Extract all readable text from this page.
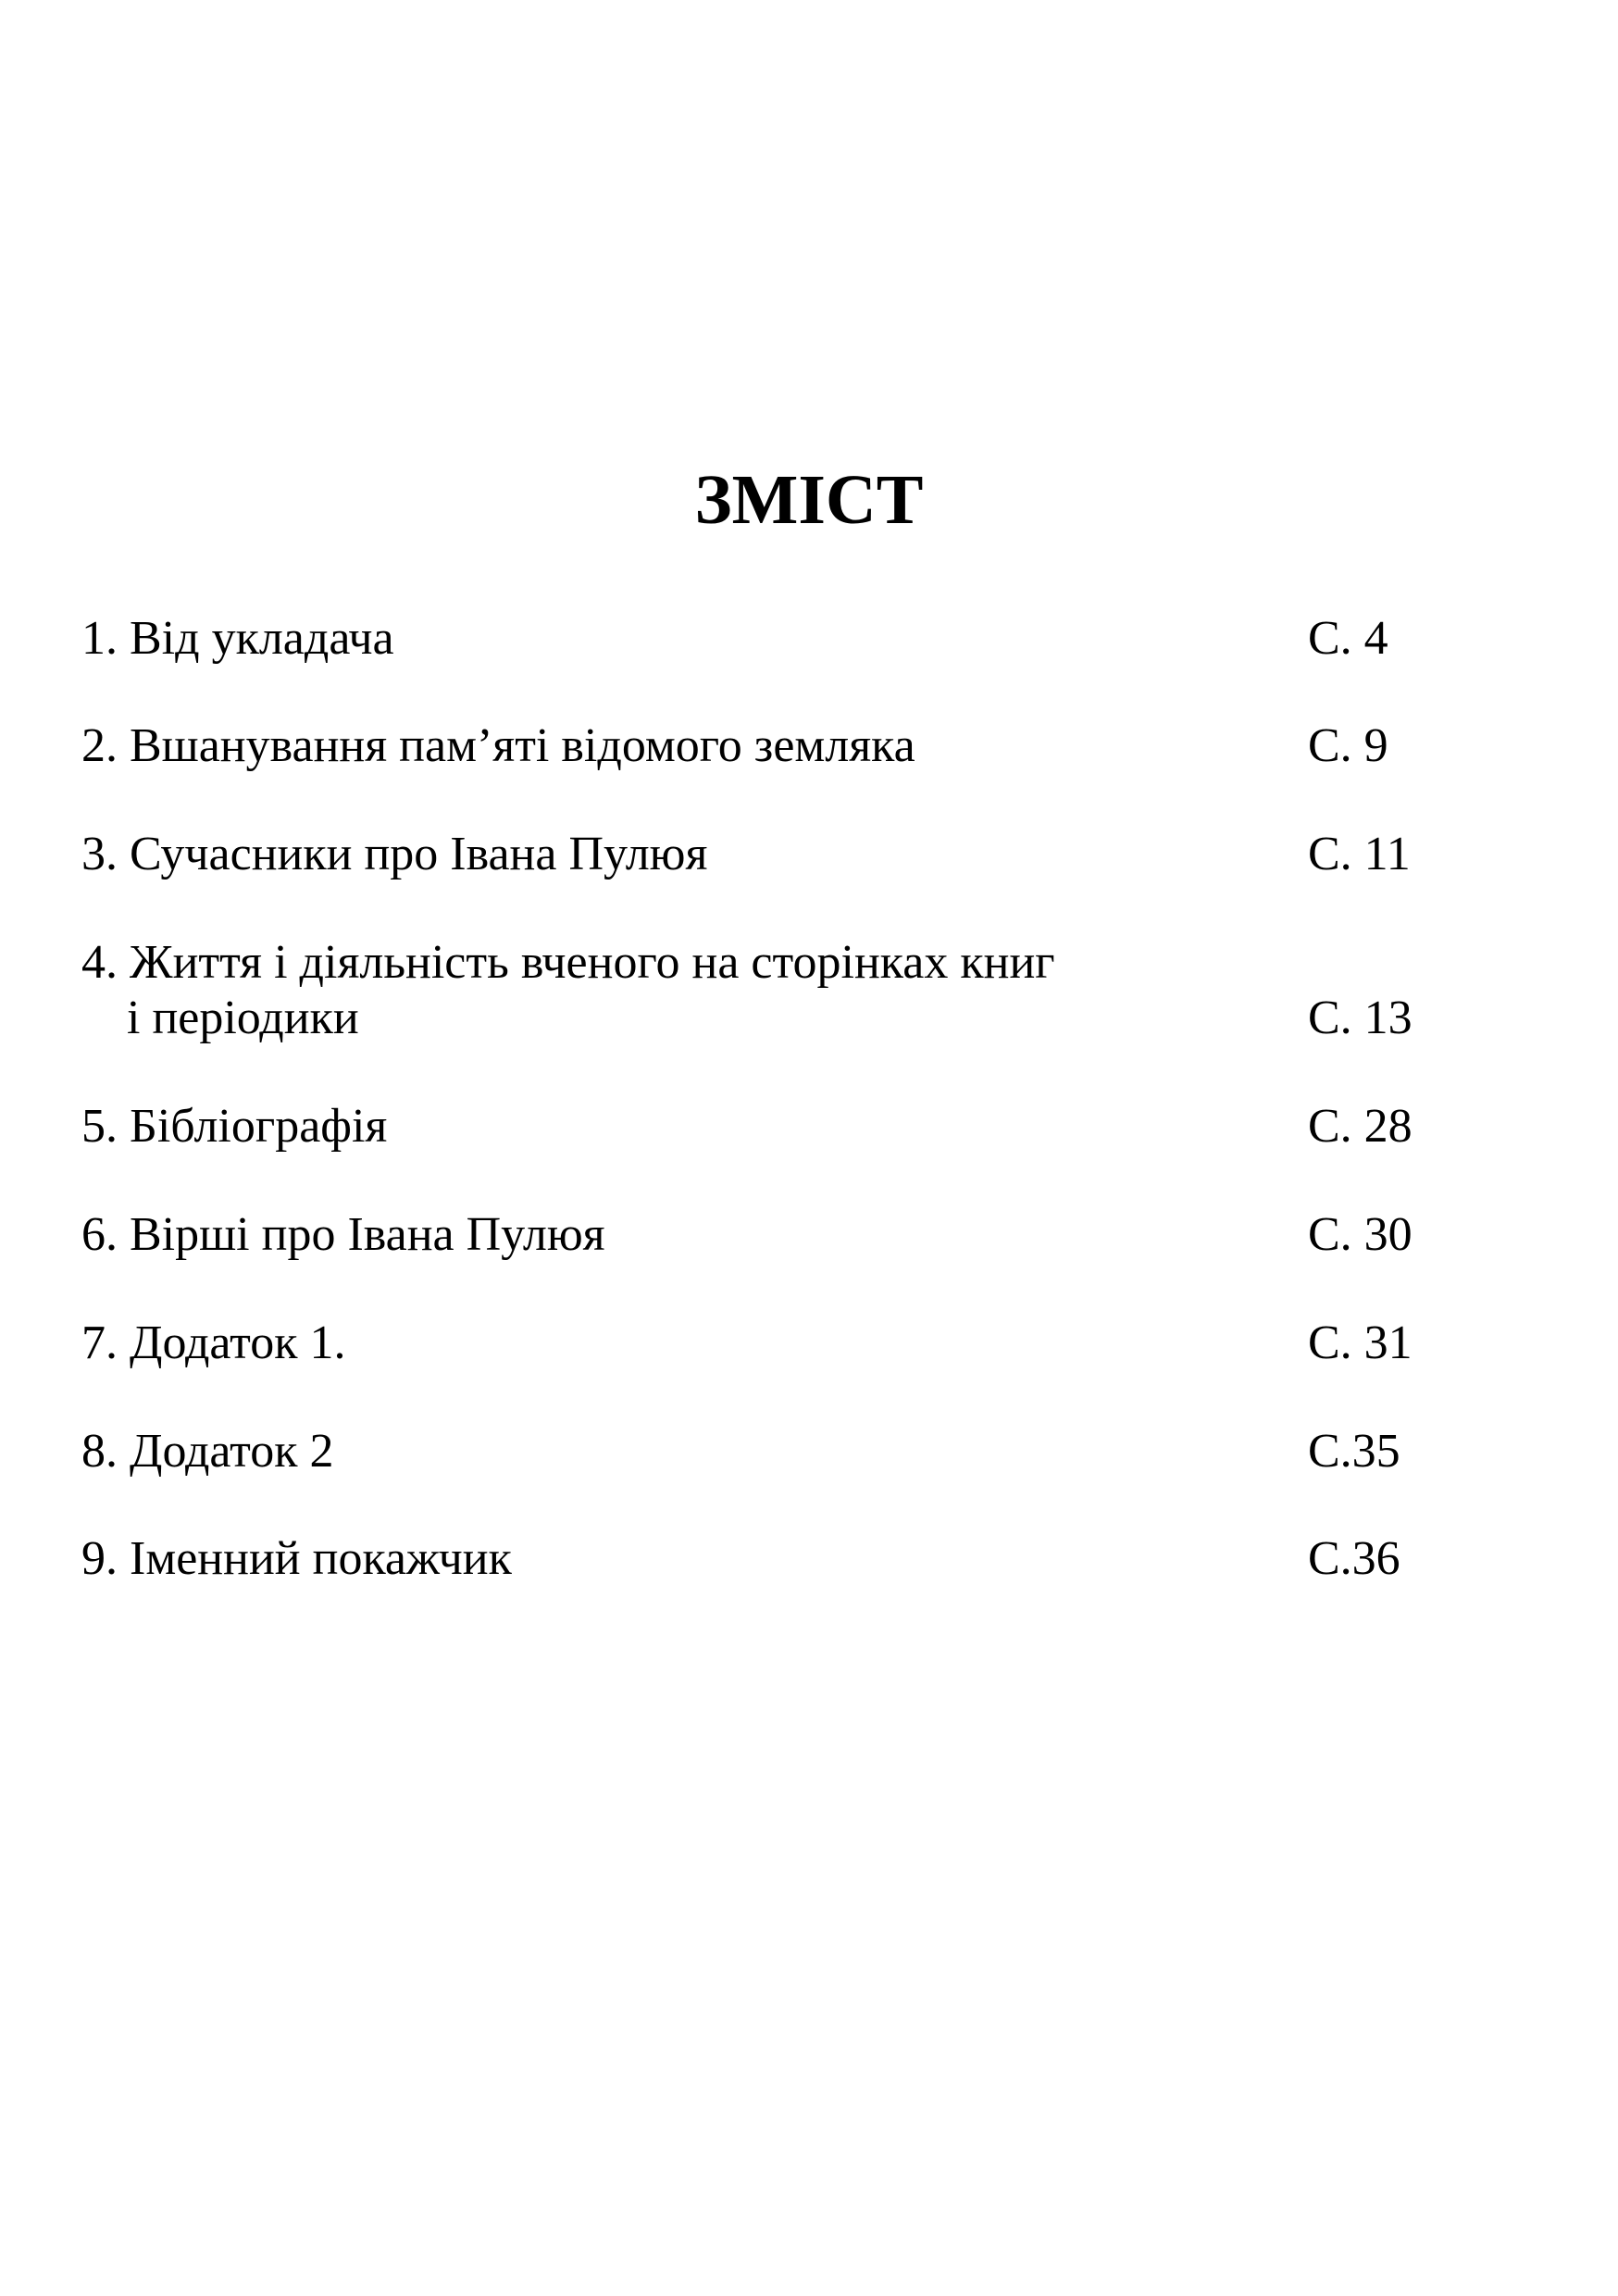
ЗМІСТ
1. Від укладача	С. 4
2. Вшанування пам’яті відомого земляка	С. 9
3. Сучасники про Івана Пулюя	С. 11
4. Життя і діяльність вченого на сторінках книг
і періодики	С. 13
5. Бібліографія	С. 28
6. Вірші про Івана Пулюя	С. 30
7. Додаток 1.	С. 31
8. Додаток 2	С.35
9. Іменний покажчик	С.36
